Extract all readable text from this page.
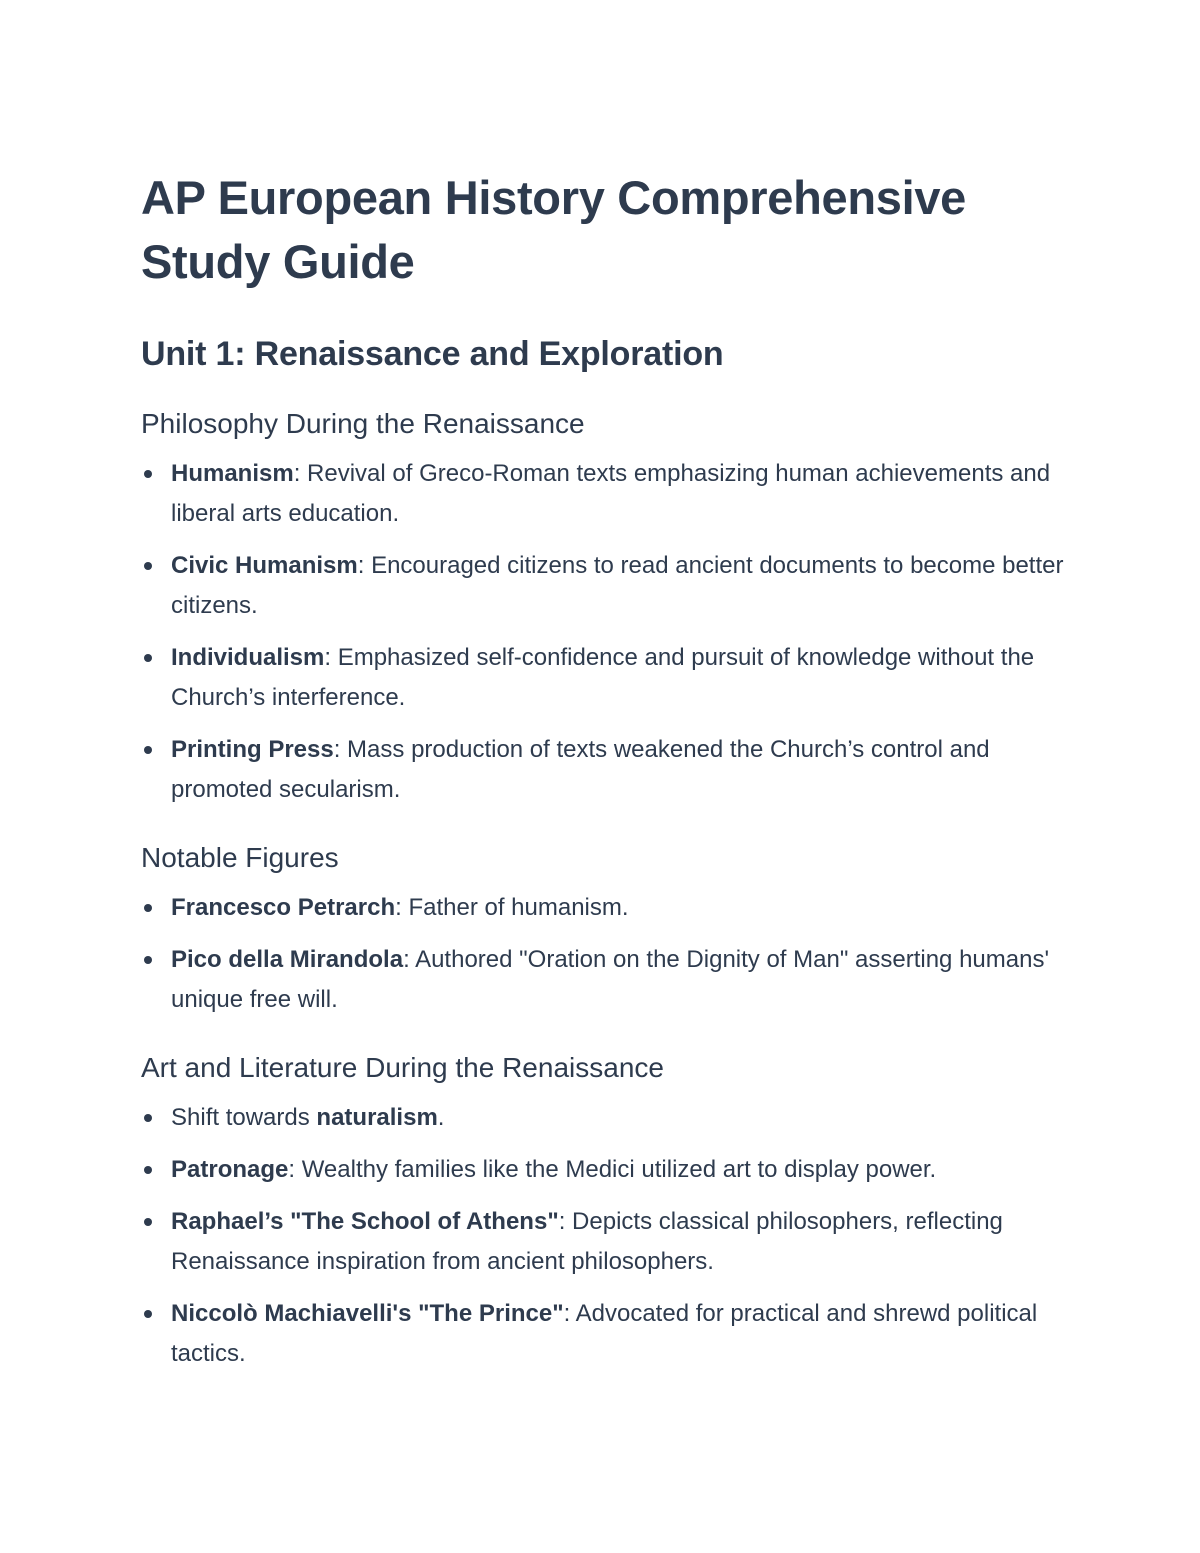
AP European History Comprehensive Study Guide
Unit 1: Renaissance and Exploration
Philosophy During the Renaissance
Humanism: Revival of Greco-Roman texts emphasizing human achievements and liberal arts education.
Civic Humanism: Encouraged citizens to read ancient documents to become better citizens.
Individualism: Emphasized self-confidence and pursuit of knowledge without the Church’s interference.
Printing Press: Mass production of texts weakened the Church’s control and promoted secularism.
Notable Figures
Francesco Petrarch: Father of humanism.
Pico della Mirandola: Authored "Oration on the Dignity of Man" asserting humans' unique free will.
Art and Literature During the Renaissance
Shift towards naturalism.
Patronage: Wealthy families like the Medici utilized art to display power.
Raphael’s "The School of Athens": Depicts classical philosophers, reflecting Renaissance inspiration from ancient philosophers.
Niccolò Machiavelli's "The Prince": Advocated for practical and shrewd political tactics.
